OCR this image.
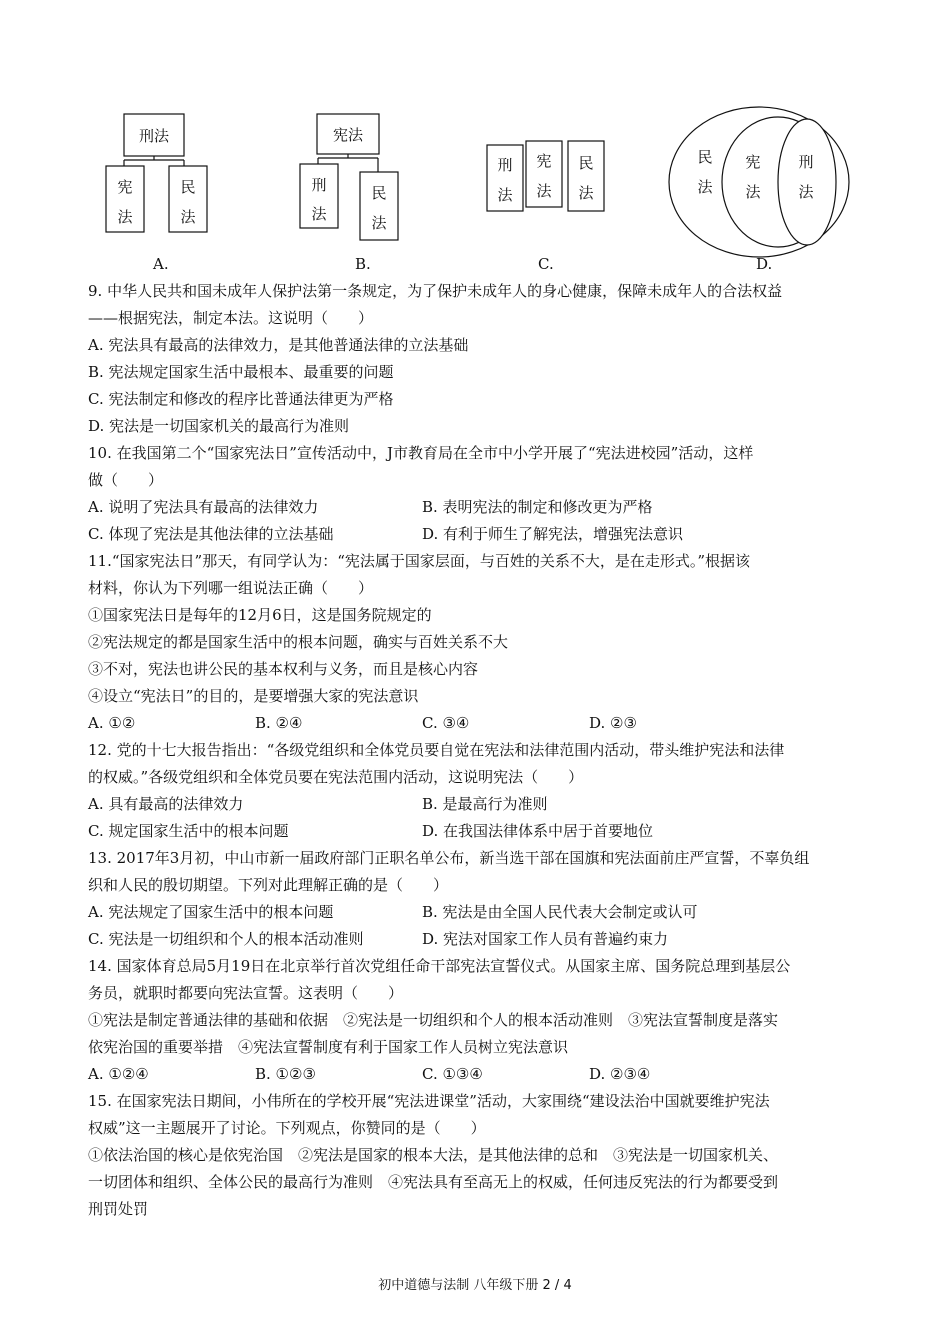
刑法
宪
法
民
法
A.
宪法
刑
法
民
法
B.
刑
法
宪
法
民
法
C.
民
法
宪
法
刑
法
D.
9. 中华人民共和国未成年人保护法第一条规定，为了保护未成年人的身心健康，保障未成年人的合法权益
——根据宪法，制定本法。这说明（　　）
A. 宪法具有最高的法律效力，是其他普通法律的立法基础
B. 宪法规定国家生活中最根本、最重要的问题
C. 宪法制定和修改的程序比普通法律更为严格
D. 宪法是一切国家机关的最高行为准则
10. 在我国第二个“国家宪法日”宣传活动中，J市教育局在全市中小学开展了“宪法进校园”活动，这样
做（　　）
A. 说明了宪法具有最高的法律效力	B. 表明宪法的制定和修改更为严格
C. 体现了宪法是其他法律的立法基础	D. 有利于师生了解宪法，增强宪法意识
11.“国家宪法日”那天，有同学认为：“宪法属于国家层面，与百姓的关系不大，是在走形式。”根据该
材料，你认为下列哪一组说法正确（　　）
①国家宪法日是每年的12月6日，这是国务院规定的
②宪法规定的都是国家生活中的根本问题，确实与百姓关系不大
③不对，宪法也讲公民的基本权利与义务，而且是核心内容
④设立“宪法日”的目的，是要增强大家的宪法意识
A. ①②	B. ②④	C. ③④	D. ②③
12. 党的十七大报告指出：“各级党组织和全体党员要自觉在宪法和法律范围内活动，带头维护宪法和法律
的权威。”各级党组织和全体党员要在宪法范围内活动，这说明宪法（　　）
A. 具有最高的法律效力	B. 是最高行为准则
C. 规定国家生活中的根本问题	D. 在我国法律体系中居于首要地位
13. 2017年3月初，中山市新一届政府部门正职名单公布，新当选干部在国旗和宪法面前庄严宣誓，不辜负组
织和人民的殷切期望。下列对此理解正确的是（　　）
A. 宪法规定了国家生活中的根本问题	B. 宪法是由全国人民代表大会制定或认可
C. 宪法是一切组织和个人的根本活动准则	D. 宪法对国家工作人员有普遍约束力
14. 国家体育总局5月19日在北京举行首次党组任命干部宪法宣誓仪式。从国家主席、国务院总理到基层公
务员，就职时都要向宪法宣誓。这表明（　　）
①宪法是制定普通法律的基础和依据　②宪法是一切组织和个人的根本活动准则　③宪法宣誓制度是落实
依宪治国的重要举措　④宪法宣誓制度有利于国家工作人员树立宪法意识
A. ①②④	B. ①②③	C. ①③④	D. ②③④
15. 在国家宪法日期间，小伟所在的学校开展“宪法进课堂”活动，大家围绕“建设法治中国就要维护宪法
权威”这一主题展开了讨论。下列观点，你赞同的是（　　）
①依法治国的核心是依宪治国　②宪法是国家的根本大法，是其他法律的总和　③宪法是一切国家机关、
一切团体和组织、全体公民的最高行为准则　④宪法具有至高无上的权威，任何违反宪法的行为都要受到
刑罚处罚
初中道德与法制 八年级下册 2 / 4
